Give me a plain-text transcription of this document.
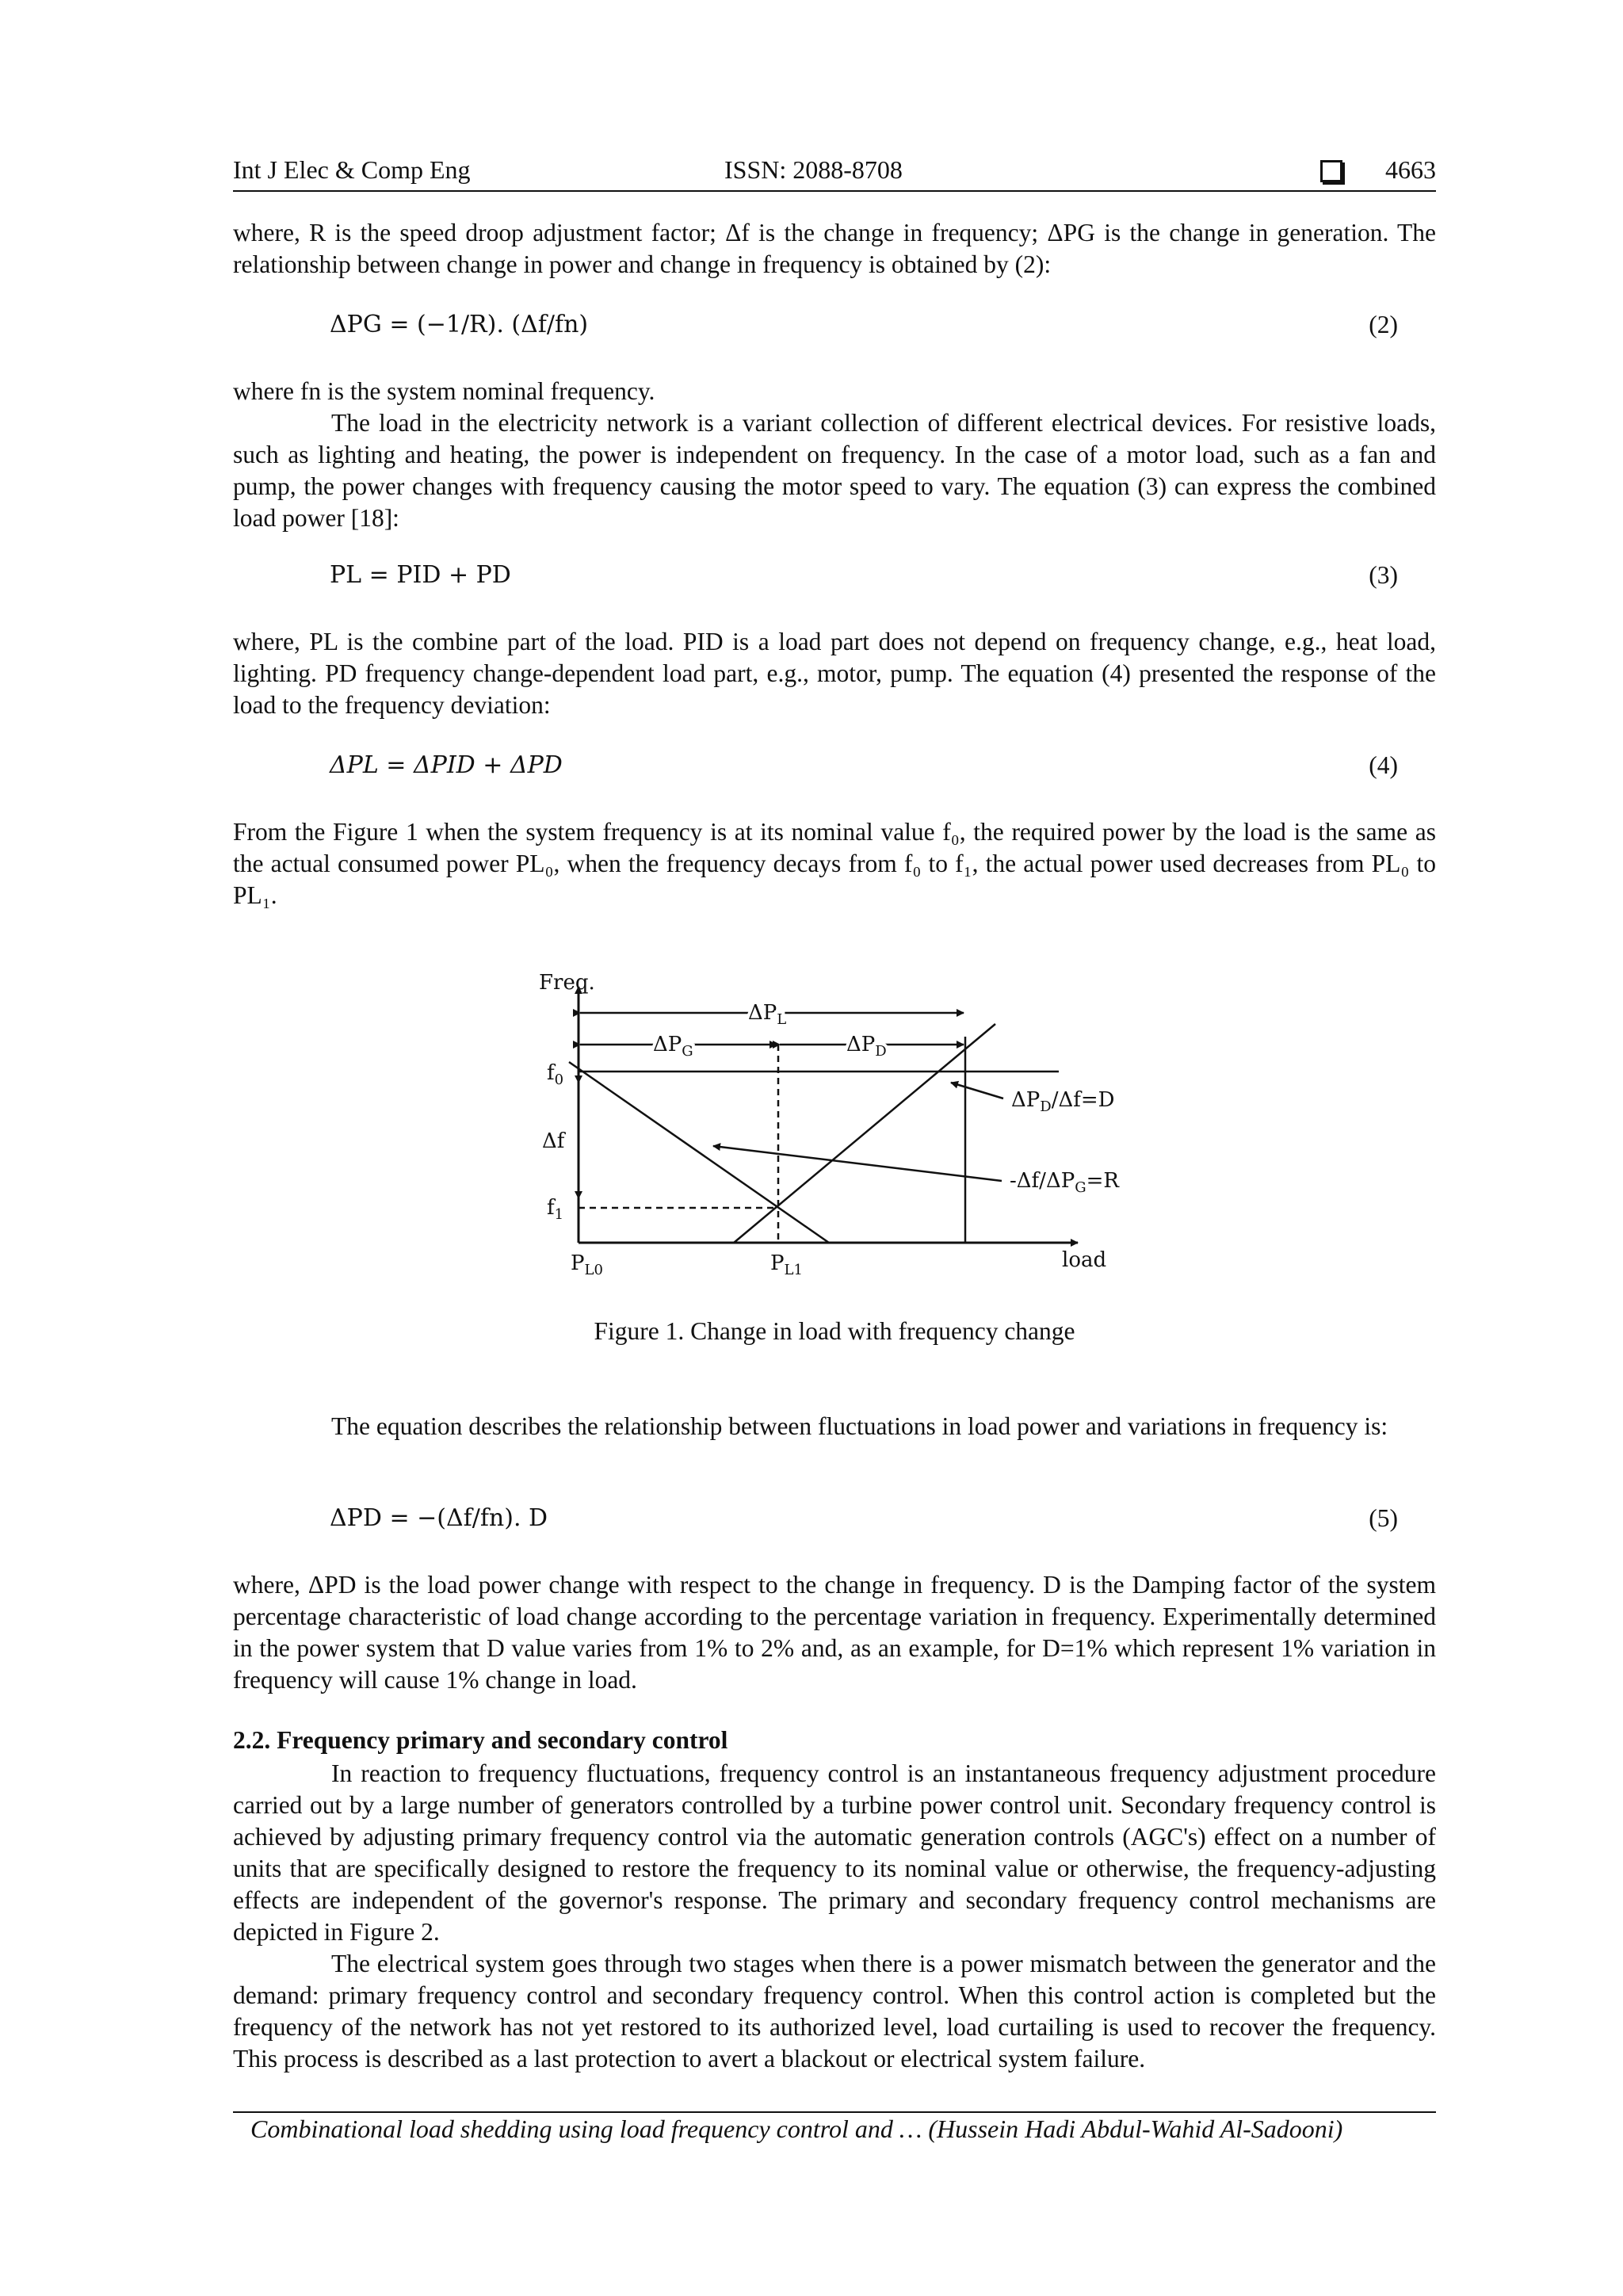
Int J Elec & Comp Eng	ISSN: 2088-8708	4663

where, R is the speed droop adjustment factor; Δf is the change in frequency; ΔPG is the change in generation. The relationship between change in power and change in frequency is obtained by (2):

ΔPG = (−1/R). (Δf/fn)	(2)

where fn is the system nominal frequency.

The load in the electricity network is a variant collection of different electrical devices. For resistive loads, such as lighting and heating, the power is independent on frequency. In the case of a motor load, such as a fan and pump, the power changes with frequency causing the motor speed to vary. The equation (3) can express the combined load power [18]:

PL = PID + PD	(3)

where, PL is the combine part of the load. PID is a load part does not depend on frequency change, e.g., heat load, lighting. PD frequency change-dependent load part, e.g., motor, pump. The equation (4) presented the response of the load to the frequency deviation:

ΔPL = ΔPID + ΔPD	(4)

From the Figure 1 when the system frequency is at its nominal value f₀, the required power by the load is the same as the actual consumed power PL₀, when the frequency decays from f₀ to f₁, the actual power used decreases from PL₀ to PL₁.

Freq.
load
$f_0$
$f_1$
Δf
$\Delta P_L$
$\Delta P_G$	$\Delta P_D$
$P_{L0}$	$P_{L1}$
$\Delta P_D/\Delta f=D$
$-\Delta f/\Delta P_G=R$
Figure 1. Change in load with frequency change

The equation describes the relationship between fluctuations in load power and variations in frequency is:

ΔPD = −(Δf/fn). D	(5)

where, ΔPD is the load power change with respect to the change in frequency. D is the Damping factor of the system percentage characteristic of load change according to the percentage variation in frequency. Experimentally determined in the power system that D value varies from 1% to 2% and, as an example, for D=1% which represent 1% variation in frequency will cause 1% change in load.

2.2. Frequency primary and secondary control

In reaction to frequency fluctuations, frequency control is an instantaneous frequency adjustment procedure carried out by a large number of generators controlled by a turbine power control unit. Secondary frequency control is achieved by adjusting primary frequency control via the automatic generation controls (AGC's) effect on a number of units that are specifically designed to restore the frequency to its nominal value or otherwise, the frequency-adjusting effects are independent of the governor's response. The primary and secondary frequency control mechanisms are depicted in Figure 2.

The electrical system goes through two stages when there is a power mismatch between the generator and the demand: primary frequency control and secondary frequency control. When this control action is completed but the frequency of the network has not yet restored to its authorized level, load curtailing is used to recover the frequency. This process is described as a last protection to avert a blackout or electrical system failure.

Combinational load shedding using load frequency control and … (Hussein Hadi Abdul-Wahid Al-Sadooni)
